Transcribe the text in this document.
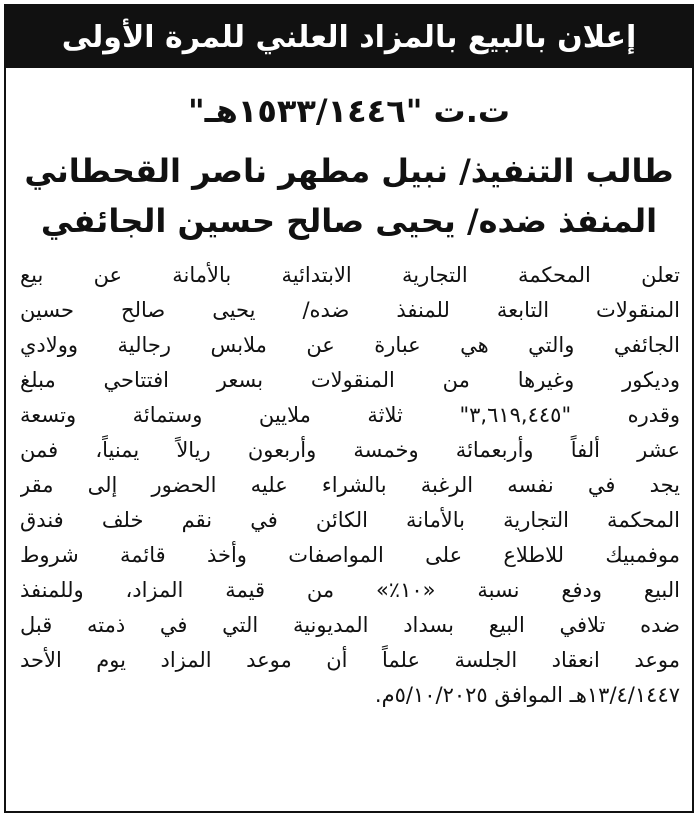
إعلان بالبيع بالمزاد العلني للمرة الأولى
ت.ت "١٥٣٣/١٤٤٦هـ"
طالب التنفيذ/ نبيل مطهر ناصر القحطاني
المنفذ ضده/ يحيى صالح حسين الجائفي
تعلن المحكمة التجارية الابتدائية بالأمانة عن بيع
المنقولات التابعة للمنفذ ضده/ يحيى صالح حسين
الجائفي والتي هي عبارة عن ملابس رجالية وولادي
وديكور وغيرها من المنقولات بسعر افتتاحي مبلغ
وقدره "٣,٦١٩,٤٤٥" ثلاثة ملايين وستمائة وتسعة
عشر ألفاً وأربعمائة وخمسة وأربعون ريالاً يمنياً، فمن
يجد في نفسه الرغبة بالشراء عليه الحضور إلى مقر
المحكمة التجارية بالأمانة الكائن في نقم خلف فندق
موفمبيك للاطلاع على المواصفات وأخذ قائمة شروط
البيع ودفع نسبة «١٠٪» من قيمة المزاد، وللمنفذ
ضده تلافي البيع بسداد المديونية التي في ذمته قبل
موعد انعقاد الجلسة علماً أن موعد المزاد يوم الأحد
١٣/٤/١٤٤٧هـ الموافق ٥/١٠/٢٠٢٥م.
